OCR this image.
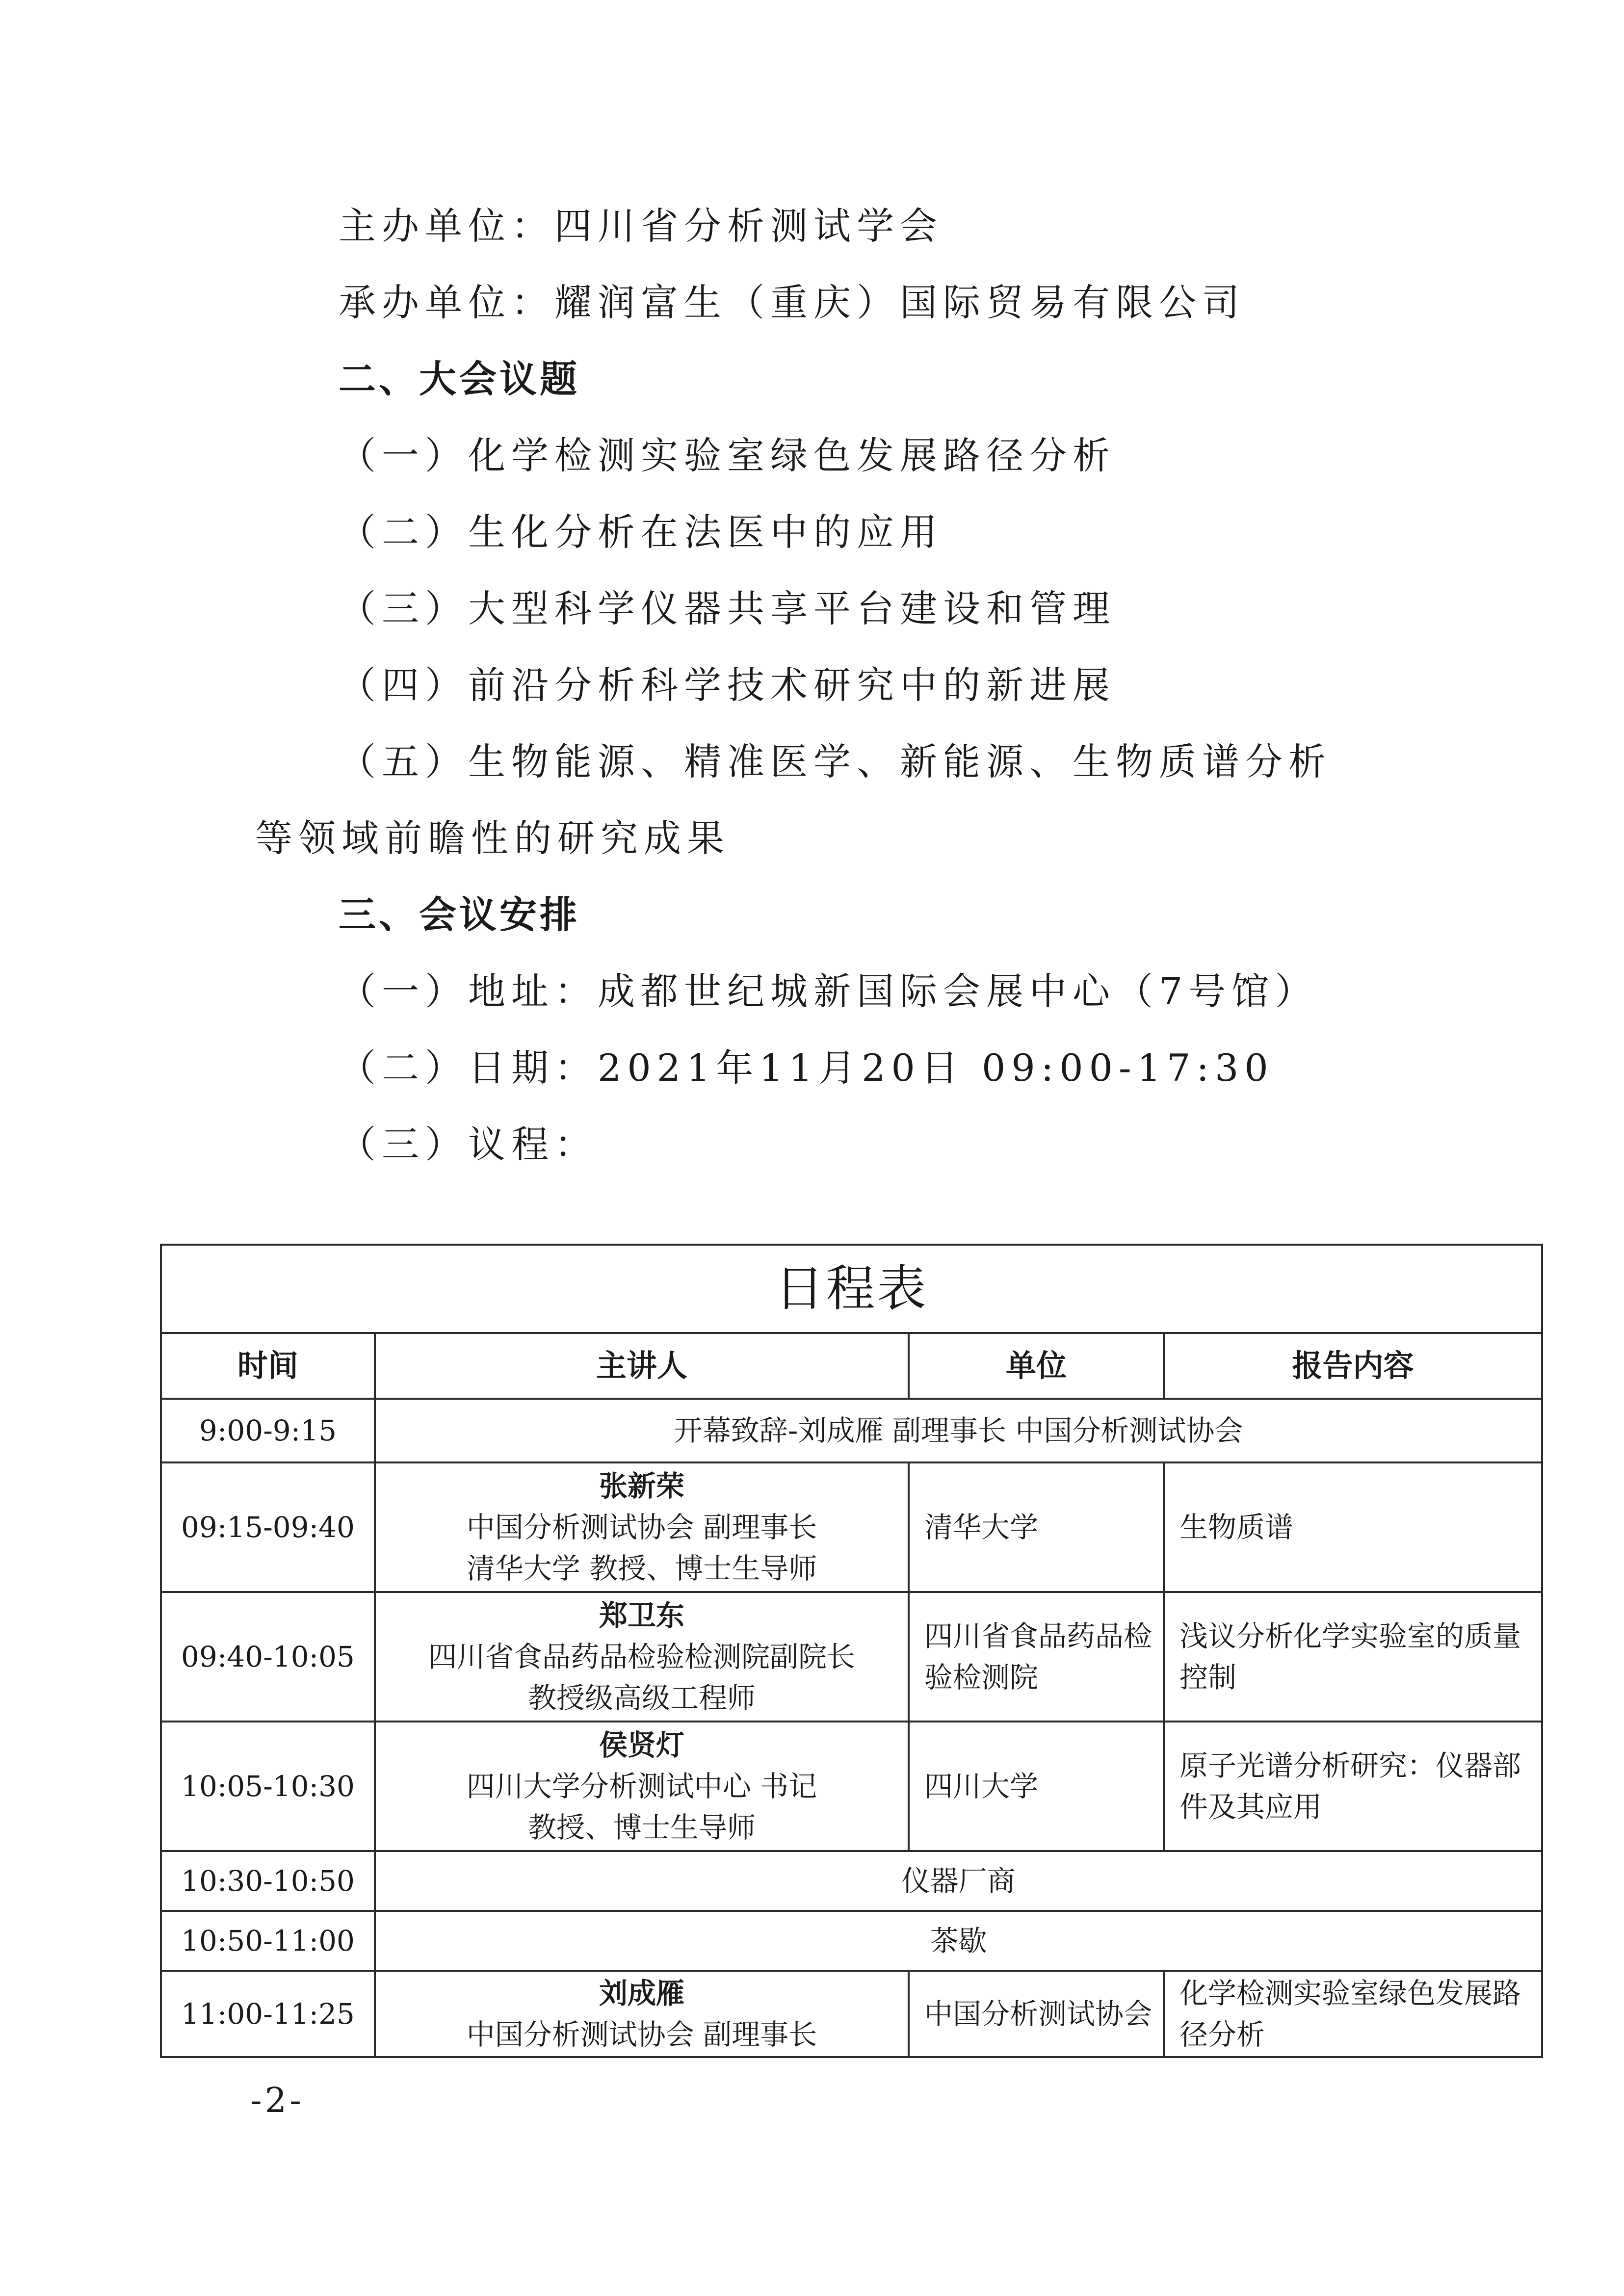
主办单位：四川省分析测试学会
承办单位：耀润富生（重庆）国际贸易有限公司
二、大会议题
（一）化学检测实验室绿色发展路径分析
（二）生化分析在法医中的应用
（三）大型科学仪器共享平台建设和管理
（四）前沿分析科学技术研究中的新进展
（五）生物能源、精准医学、新能源、生物质谱分析
等领域前瞻性的研究成果
三、会议安排
（一）地址：成都世纪城新国际会展中心（7号馆）
（二）日期：2021年11月20日 09:00-17:30
（三）议程：
日程表			
时间	主讲人	单位	报告内容
9:00-9:15	开幕致辞-刘成雁 副理事长 中国分析测试协会		
09:15-09:40	张新荣
中国分析测试协会 副理事长
清华大学 教授、博士生导师	清华大学	生物质谱
09:40-10:05	郑卫东
四川省食品药品检验检测院副院长
教授级高级工程师	四川省食品药品检验检测院	浅议分析化学实验室的质量控制
10:05-10:30	侯贤灯
四川大学分析测试中心 书记
教授、博士生导师	四川大学	原子光谱分析研究：仪器部件及其应用
10:30-10:50	仪器厂商		
10:50-11:00	茶歇		
11:00-11:25	刘成雁
中国分析测试协会 副理事长	中国分析测试协会	化学检测实验室绿色发展路径分析
-2-
